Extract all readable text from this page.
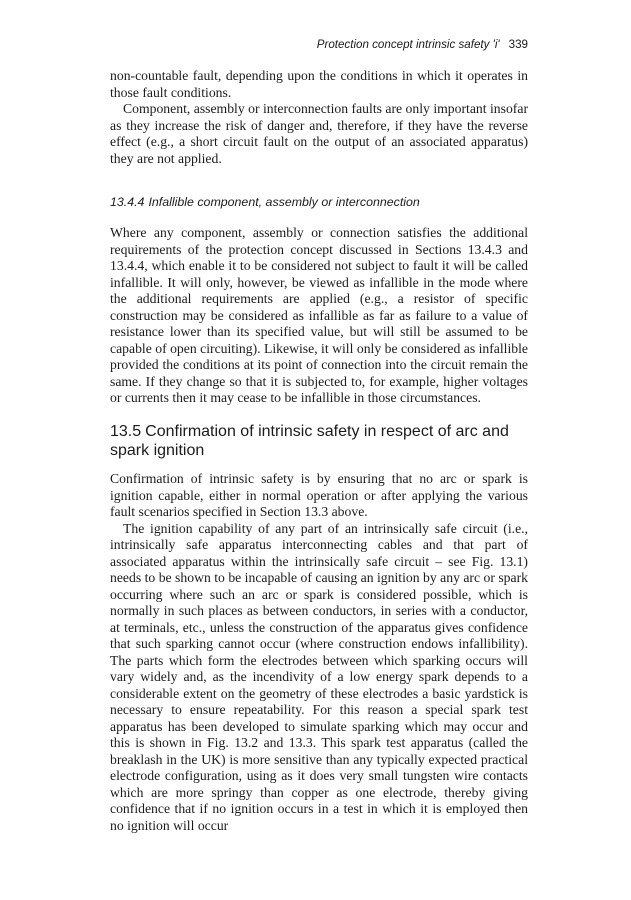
Protection concept intrinsic safety 'i' 339

non-countable fault, depending upon the conditions in which it operates in those fault conditions.

Component, assembly or interconnection faults are only important insofar as they increase the risk of danger and, therefore, if they have the reverse effect (e.g., a short circuit fault on the output of an associated apparatus) they are not applied.

13.4.4 Infallible component, assembly or interconnection

Where any component, assembly or connection satisfies the additional requirements of the protection concept discussed in Sections 13.4.3 and 13.4.4, which enable it to be considered not subject to fault it will be called infallible. It will only, however, be viewed as infallible in the mode where the additional requirements are applied (e.g., a resistor of specific construction may be considered as infallible as far as failure to a value of resistance lower than its specified value, but will still be assumed to be capable of open circuiting). Likewise, it will only be considered as infallible provided the conditions at its point of connection into the circuit remain the same. If they change so that it is subjected to, for example, higher voltages or currents then it may cease to be infallible in those circumstances.

13.5 Confirmation of intrinsic safety in respect of arc and spark ignition

Confirmation of intrinsic safety is by ensuring that no arc or spark is ignition capable, either in normal operation or after applying the various fault scenarios specified in Section 13.3 above.

The ignition capability of any part of an intrinsically safe circuit (i.e., intrinsically safe apparatus interconnecting cables and that part of associated apparatus within the intrinsically safe circuit – see Fig. 13.1) needs to be shown to be incapable of causing an ignition by any arc or spark occurring where such an arc or spark is considered possible, which is normally in such places as between conductors, in series with a conductor, at terminals, etc., unless the construction of the apparatus gives confidence that such sparking cannot occur (where construction endows infallibility). The parts which form the electrodes between which sparking occurs will vary widely and, as the incendivity of a low energy spark depends to a considerable extent on the geometry of these electrodes a basic yardstick is necessary to ensure repeatability. For this reason a special spark test apparatus has been developed to simulate sparking which may occur and this is shown in Fig. 13.2 and 13.3. This spark test apparatus (called the breaklash in the UK) is more sensitive than any typically expected practical electrode configuration, using as it does very small tungsten wire contacts which are more springy than copper as one electrode, thereby giving confidence that if no ignition occurs in a test in which it is employed then no ignition will occur
